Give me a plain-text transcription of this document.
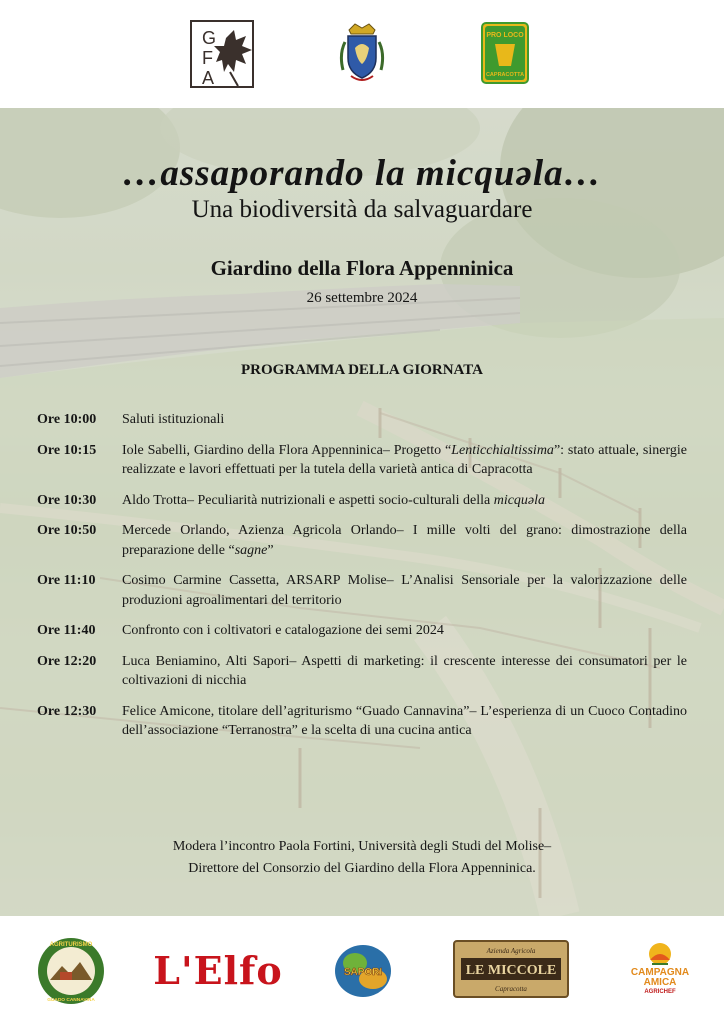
G
F
A
PRO LOCO
CAPRACOTTA
…assaporando la micquəla…
Una biodiversità da salvaguardare
Giardino della Flora Appenninica
26 settembre 2024
PROGRAMMA DELLA GIORNATA
Ore 10:00	Saluti istituzionali
Ore 10:15	Iole Sabelli, Giardino della Flora Appenninica– Progetto “Lenticchialtissima”: stato attuale, sinergie realizzate e lavori effettuati per la tutela della varietà antica di Capracotta
Ore 10:30	Aldo Trotta– Peculiarità nutrizionali e aspetti socio-culturali della micquəla
Ore 10:50	Mercede Orlando, Azienza Agricola Orlando– I mille volti del grano: dimostrazione della preparazione delle “sagne”
Ore 11:10	Cosimo Carmine Cassetta, ARSARP Molise– L’Analisi Sensoriale per la valorizzazione delle produzioni agroalimentari del territorio
Ore 11:40	Confronto con i coltivatori e catalogazione dei semi 2024
Ore 12:20	Luca Beniamino, Alti Sapori– Aspetti di marketing: il crescente interesse dei consumatori per le coltivazioni di nicchia
Ore 12:30	Felice Amicone, titolare dell’agriturismo “Guado Cannavina”– L’esperienza di un Cuoco Contadino dell’associazione “Terranostra” e la scelta di una cucina antica
Modera l’incontro Paola Fortini, Università degli Studi del Molise–
Direttore del Consorzio del Giardino della Flora Appenninica.
AGRITURISMO
GUADO CANNAVINA
L'Elfo	SAPORI
Azienda Agricola
LE MICCOLE
Capracotta
CAMPAGNA
AMICA
AGRICHEF
